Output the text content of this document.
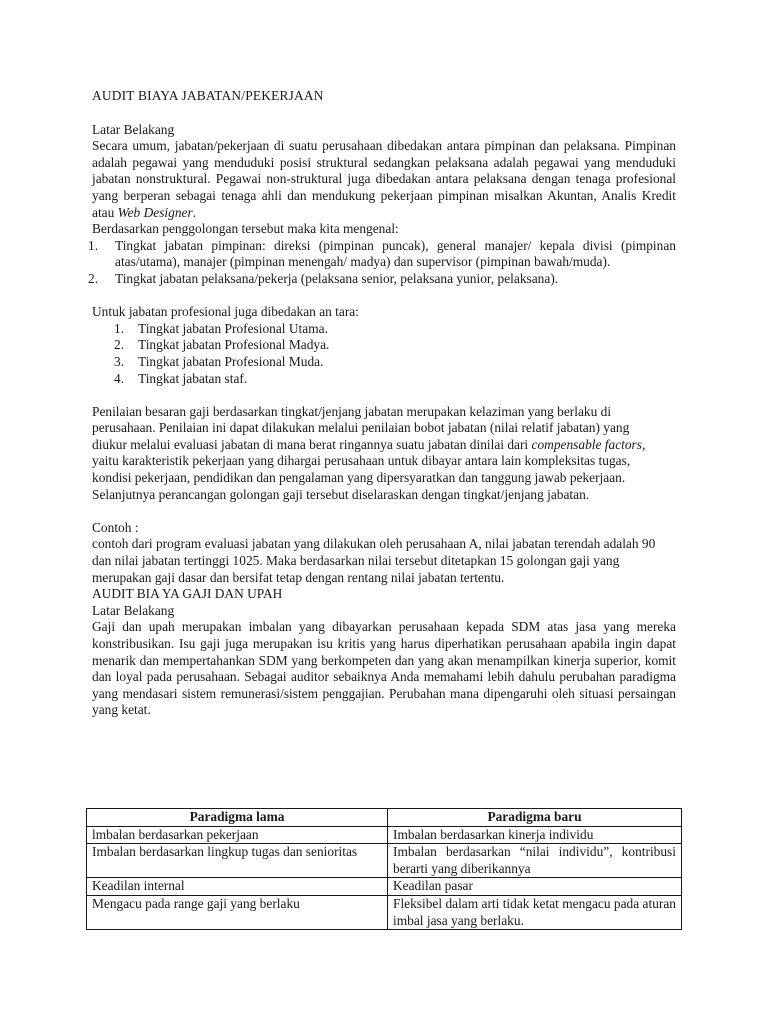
AUDIT BIAYA JABATAN/PEKERJAAN

Latar Belakang

Secara umum, jabatan/pekerjaan di suatu perusahaan dibedakan antara pimpinan dan pelaksana. Pimpinan adalah pegawai yang menduduki posisi struktural sedangkan pelaksana adalah pegawai yang menduduki jabatan nonstruktural. Pegawai non-struktural juga dibedakan antara pelaksana dengan tenaga profesional yang berperan sebagai tenaga ahli dan mendukung pekerjaan pimpinan misalkan Akuntan, Analis Kredit atau Web Designer.

Berdasarkan penggolongan tersebut maka kita mengenal:

1. Tingkat jabatan pimpinan: direksi (pimpinan puncak), general manajer/ kepala divisi (pimpinan atas/utama), manajer (pimpinan menengah/ madya) dan supervisor (pimpinan bawah/muda).
2. Tingkat jabatan pelaksana/pekerja (pelaksana senior, pelaksana yunior, pelaksana).

Untuk jabatan profesional juga dibedakan an tara:

1. Tingkat jabatan Profesional Utama.
2. Tingkat jabatan Profesional Madya.
3. Tingkat jabatan Profesional Muda.
4. Tingkat jabatan staf.

Penilaian besaran gaji berdasarkan tingkat/jenjang jabatan merupakan kelaziman yang berlaku di perusahaan. Penilaian ini dapat dilakukan melalui penilaian bobot jabatan (nilai relatif jabatan) yang diukur melalui evaluasi jabatan di mana berat ringannya suatu jabatan dinilai dari compensable factors, yaitu karakteristik pekerjaan yang dihargai perusahaan untuk dibayar antara lain kompleksitas tugas, kondisi pekerjaan, pendidikan dan pengalaman yang dipersyaratkan dan tanggung jawab pekerjaan. Selanjutnya perancangan golongan gaji tersebut diselaraskan dengan tingkat/jenjang jabatan.

Contoh :

contoh dari program evaluasi jabatan yang dilakukan oleh perusahaan A, nilai jabatan terendah adalah 90 dan nilai jabatan tertinggi 1025. Maka berdasarkan nilai tersebut ditetapkan 15 golongan gaji yang merupakan gaji dasar dan bersifat tetap dengan rentang nilai jabatan tertentu.

AUDIT BIA YA GAJI DAN UPAH

Latar Belakang

Gaji dan upah merupakan imbalan yang dibayarkan perusahaan kepada SDM atas jasa yang mereka konstribusikan. Isu gaji juga merupakan isu kritis yang harus diperhatikan perusahaan apabila ingin dapat menarik dan mempertahankan SDM yang berkompeten dan yang akan menampilkan kinerja superior, komit dan loyal pada perusahaan. Sebagai auditor sebaiknya Anda memahami lebih dahulu perubahan paradigma yang mendasari sistem remunerasi/sistem penggajian. Perubahan mana dipengaruhi oleh situasi persaingan yang ketat.

Paradigma lama	Paradigma baru
lmbalan berdasarkan pekerjaan	Imbalan berdasarkan kinerja individu
Imbalan berdasarkan lingkup tugas dan senioritas	Imbalan berdasarkan “nilai individu”, kontribusi berarti yang diberikannya
Keadilan internal	Keadilan pasar
Mengacu pada range gaji yang berlaku	Fleksibel dalam arti tidak ketat mengacu pada aturan imbal jasa yang berlaku.
